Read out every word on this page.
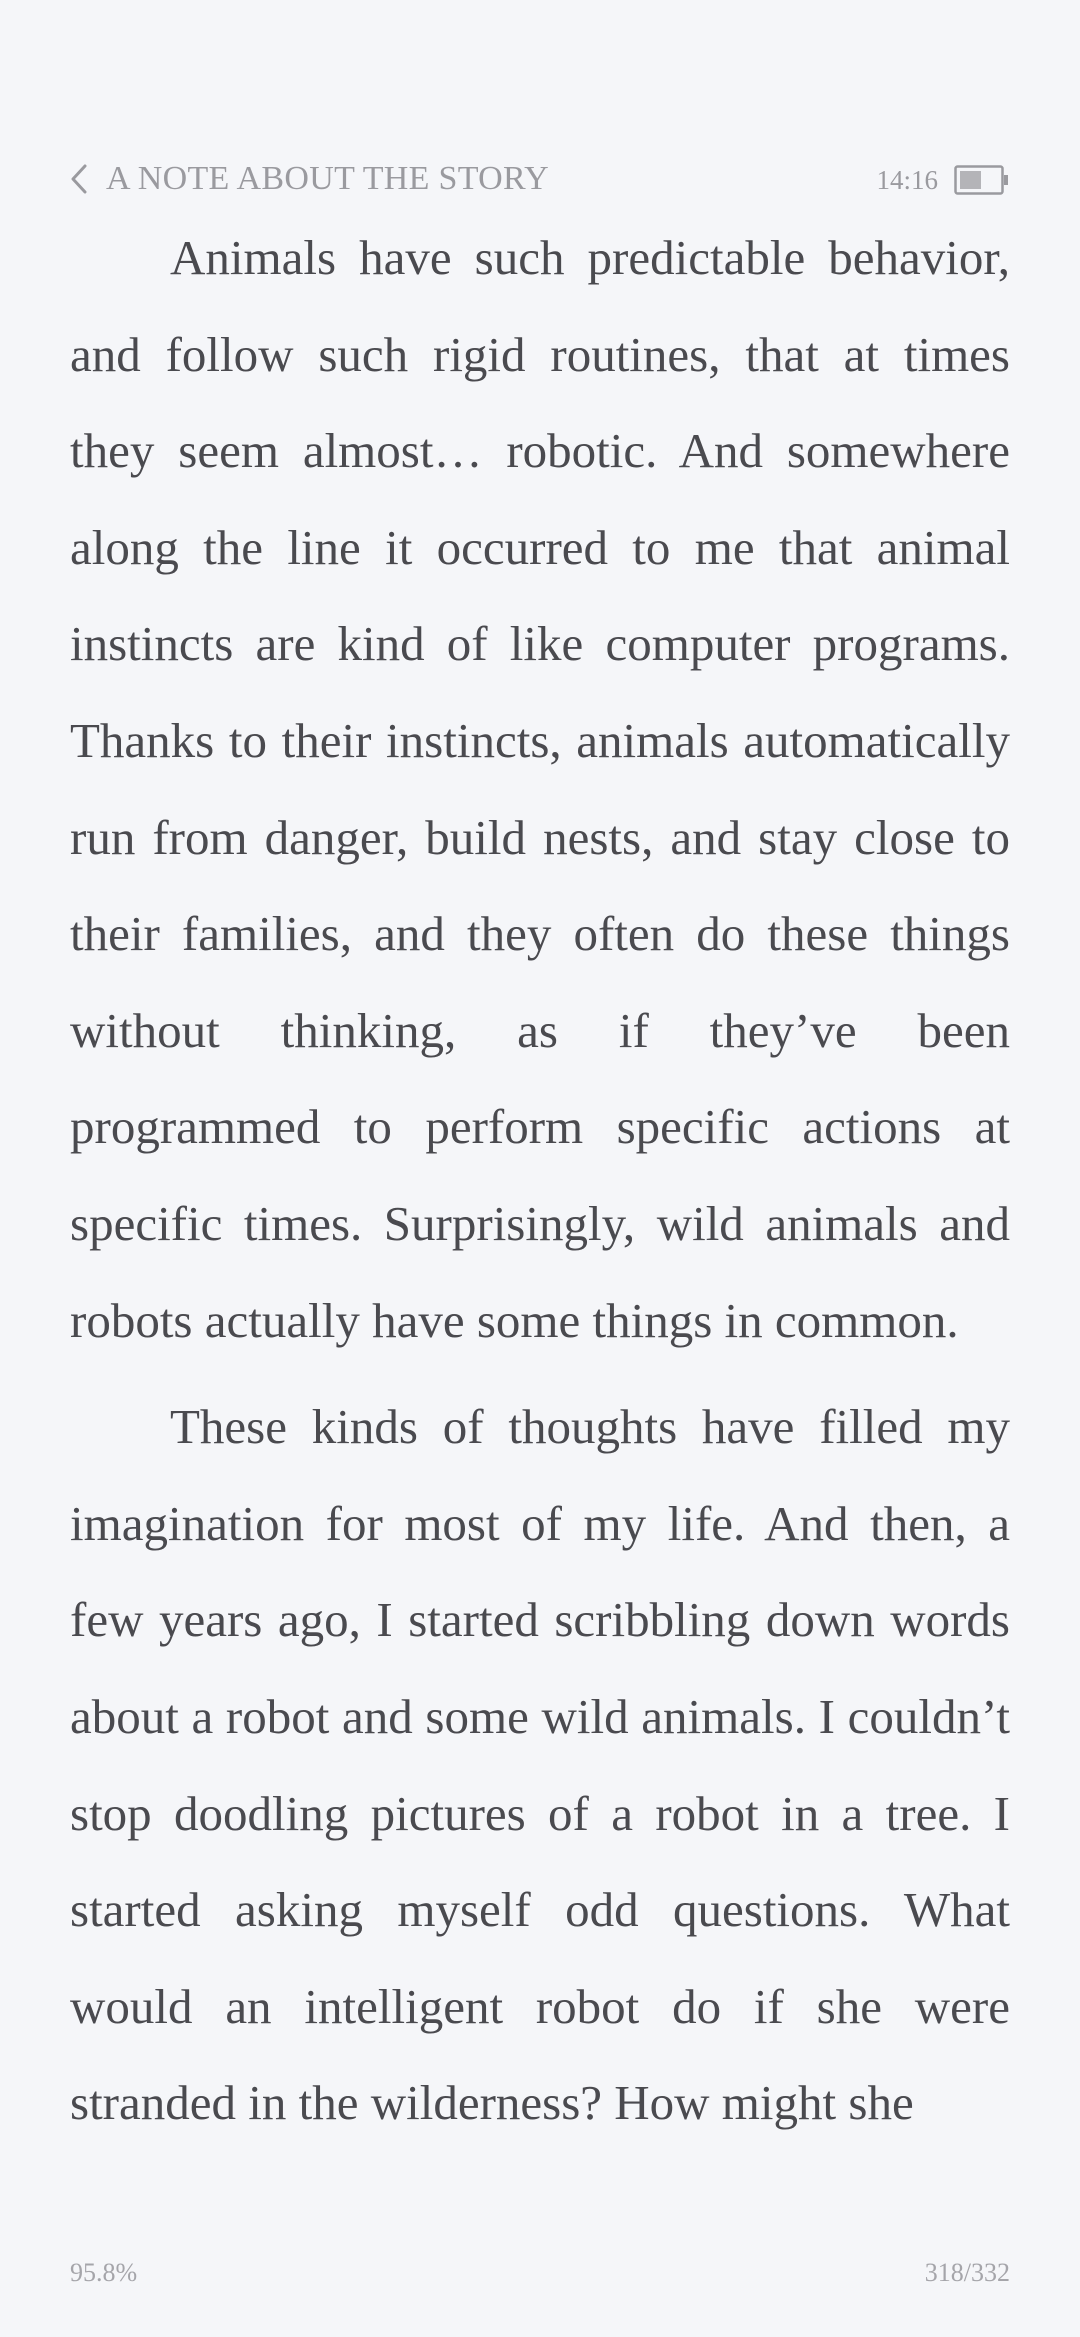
A NOTE ABOUT THE STORY	14:16

Animals have such predictable behavior, and follow such rigid routines, that at times they seem almost… robotic. And somewhere along the line it occurred to me that animal instincts are kind of like computer programs. Thanks to their instincts, animals automatically run from danger, build nests, and stay close to their families, and they often do these things without thinking, as if they’ve been programmed to perform specific actions at specific times. Surprisingly, wild animals and robots actually have some things in common.

These kinds of thoughts have filled my imagination for most of my life. And then, a few years ago, I started scribbling down words about a robot and some wild animals. I couldn’t stop doodling pictures of a robot in a tree. I started asking myself odd questions. What would an intelligent robot do if she were stranded in the wilderness? How might she

95.8%	318/332
